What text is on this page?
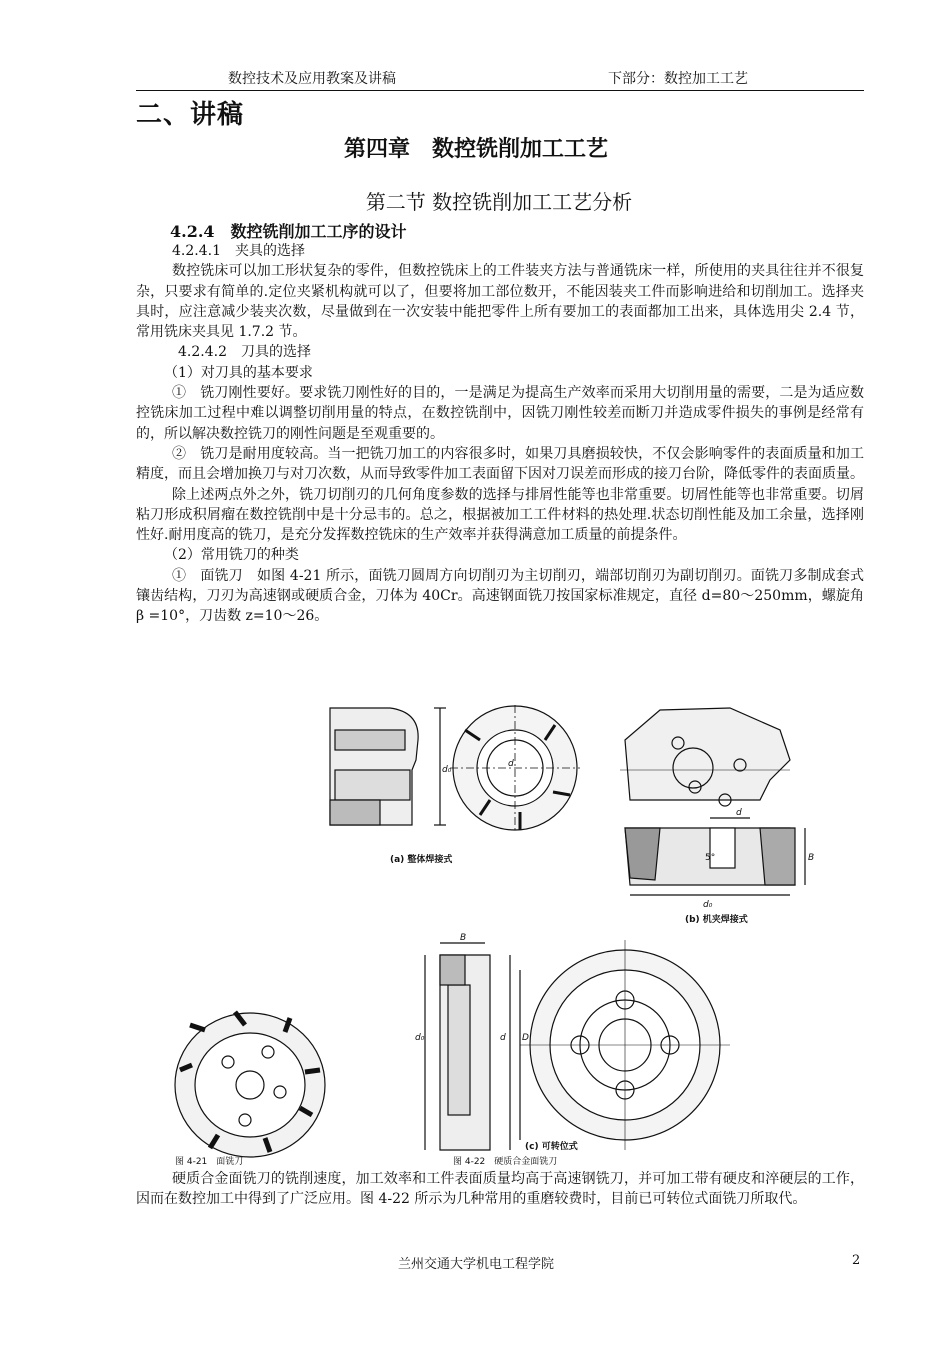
数控技术及应用教案及讲稿	下部分：数控加工工艺
二、讲稿
第四章　数控铣削加工工艺
第二节 数控铣削加工工艺分析
4.2.4　数控铣削加工工序的设计

4.2.4.1　夹具的选择

数控铣床可以加工形状复杂的零件，但数控铣床上的工件装夹方法与普通铣床一样，所使用的夹具往往并不很复杂，只要求有简单的.定位夹紧机构就可以了，但要将加工部位数开，不能因装夹工件而影响进给和切削加工。选择夹具时，应注意减少装夹次数，尽量做到在一次安装中能把零件上所有要加工的表面都加工出来，具体选用尖 2.4 节，常用铣床夹具见 1.7.2 节。

4.2.4.2　刀具的选择

（1）对刀具的基本要求

①　铣刀刚性要好。要求铣刀刚性好的目的，一是满足为提高生产效率而采用大切削用量的需要，二是为适应数控铣床加工过程中难以调整切削用量的特点，在数控铣削中，因铣刀刚性较差而断刀并造成零件损失的事例是经常有的，所以解决数控铣刀的刚性问题是至观重要的。

②　铣刀是耐用度较高。当一把铣刀加工的内容很多时，如果刀具磨损较快，不仅会影响零件的表面质量和加工精度，而且会增加换刀与对刀次数，从而导致零件加工表面留下因对刀误差而形成的接刀台阶，降低零件的表面质量。

除上述两点外之外，铣刀切削刃的几何角度参数的选择与排屑性能等也非常重要。切屑性能等也非常重要。切屑粘刀形成积屑瘤在数控铣削中是十分忌韦的。总之，根据被加工工件材料的热处理.状态切削性能及加工余量，选择刚性好.耐用度高的铣刀，是充分发挥数控铣床的生产效率并获得满意加工质量的前提条件。

（2）常用铣刀的种类

①　面铣刀　如图 4-21 所示，面铣刀圆周方向切削刃为主切削刃，端部切削刃为副切削刃。面铣刀多制成套式镶齿结构，刀刃为高速钢或硬质合金，刀体为 40Cr。高速钢面铣刀按国家标准规定，直径 d=80～250mm，螺旋角 β =10°，刀齿数 z=10～26。

d₀
d
d
5°
d₀
B
B
d₀	d D
(a) 整体焊接式
(b) 机夹焊接式
(c) 可转位式
图 4-21　面铣刀	图 4-22　硬质合金面铣刀

硬质合金面铣刀的铣削速度，加工效率和工件表面质量均高于高速钢铣刀，并可加工带有硬皮和淬硬层的工作，因而在数控加工中得到了广泛应用。图 4-22 所示为几种常用的重磨较费时，目前已可转位式面铣刀所取代。

兰州交通大学机电工程学院	2
